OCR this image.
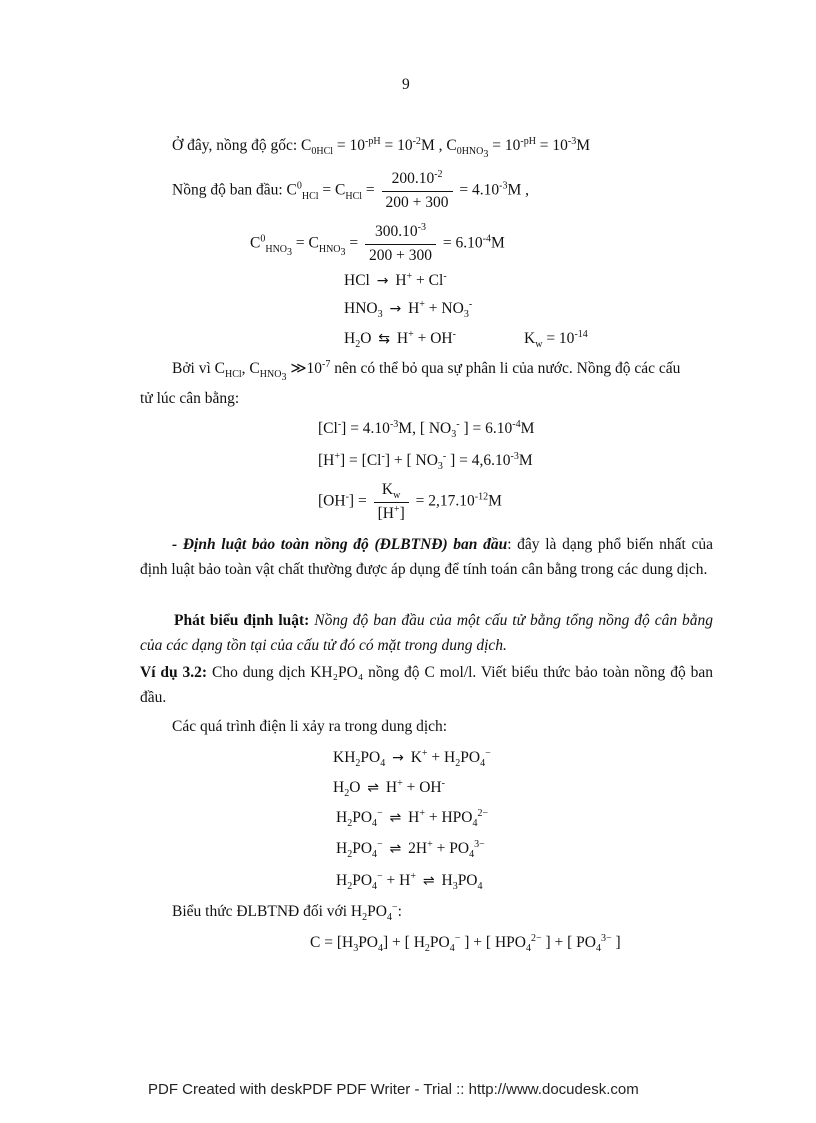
9
Ở đây, nồng độ gốc: $C_{0HCl} = 10^{-pH} = 10^{-2}M$ , $C_{0HNO_3} = 10^{-pH} = 10^{-3}M$
Nồng độ ban đầu: $C^0_{HCl} = C_{HCl} = \frac{200.10^{-2}}{200 + 300} = 4.10^{-3}M$ ,
$C^0_{HNO_3} = C_{HNO_3} = \frac{300.10^{-3}}{200 + 300} = 6.10^{-4}M$
HCl → H+ + Cl-
$HNO_3 \to H^+ + NO_3^-$
$H_2O$ ⇆ H+ + OH-	$K_w = 10^{-14}$
Bởi vì $C_{HCl}$, $C_{HNO_3}$ $≫10^{-7}$ nên có thể bỏ qua sự phân li của nước. Nồng độ các cấu
tử lúc cân bằng:
$[Cl^-] = 4.10^{-3}M$, [ $NO_3^-$ ] = $6.10^{-4}M$
[H+] = [Cl-] + [ $NO_3^-$ ] = $4,6.10^{-3}M$
$[OH^-] = \frac{K_w}{[H^+]} = 2,17.10^{-12}M$
- Định luật bảo toàn nồng độ (ĐLBTNĐ) ban đầu: đây là dạng phổ biến nhất của định luật bảo toàn vật chất thường được áp dụng để tính toán cân bằng trong các dung dịch.
Phát biểu định luật: Nồng độ ban đầu của một cấu tử bằng tổng nồng độ cân bằng của các dạng tồn tại của cấu tử đó có mặt trong dung dịch.
Ví dụ 3.2: Cho dung dịch KH₂PO₄ nồng độ C mol/l. Viết biểu thức bảo toàn nồng độ ban đầu.
Các quá trình điện li xảy ra trong dung dịch:
$KH_2PO_4 \to K^+ + H_2PO_4^-$
$H_2O$ ⇌ H+ + OH-
$H_2PO_4^-$ ⇌ $H^+ + HPO_4^{2-}$
$H_2PO_4^-$ ⇌ $2H^+ + PO_4^{3-}$
$H_2PO_4^- + H^+$ ⇌ $H_3PO_4$
Biểu thức ĐLBTNĐ đối với $H_2PO_4^-$:
$C = [H_3PO_4]$ + [ $H_2PO_4^-$ ] + [ $HPO_4^{2-}$ ] + [ $PO_4^{3-}$ ]
PDF Created with deskPDF PDF Writer - Trial :: http://www.docudesk.com
